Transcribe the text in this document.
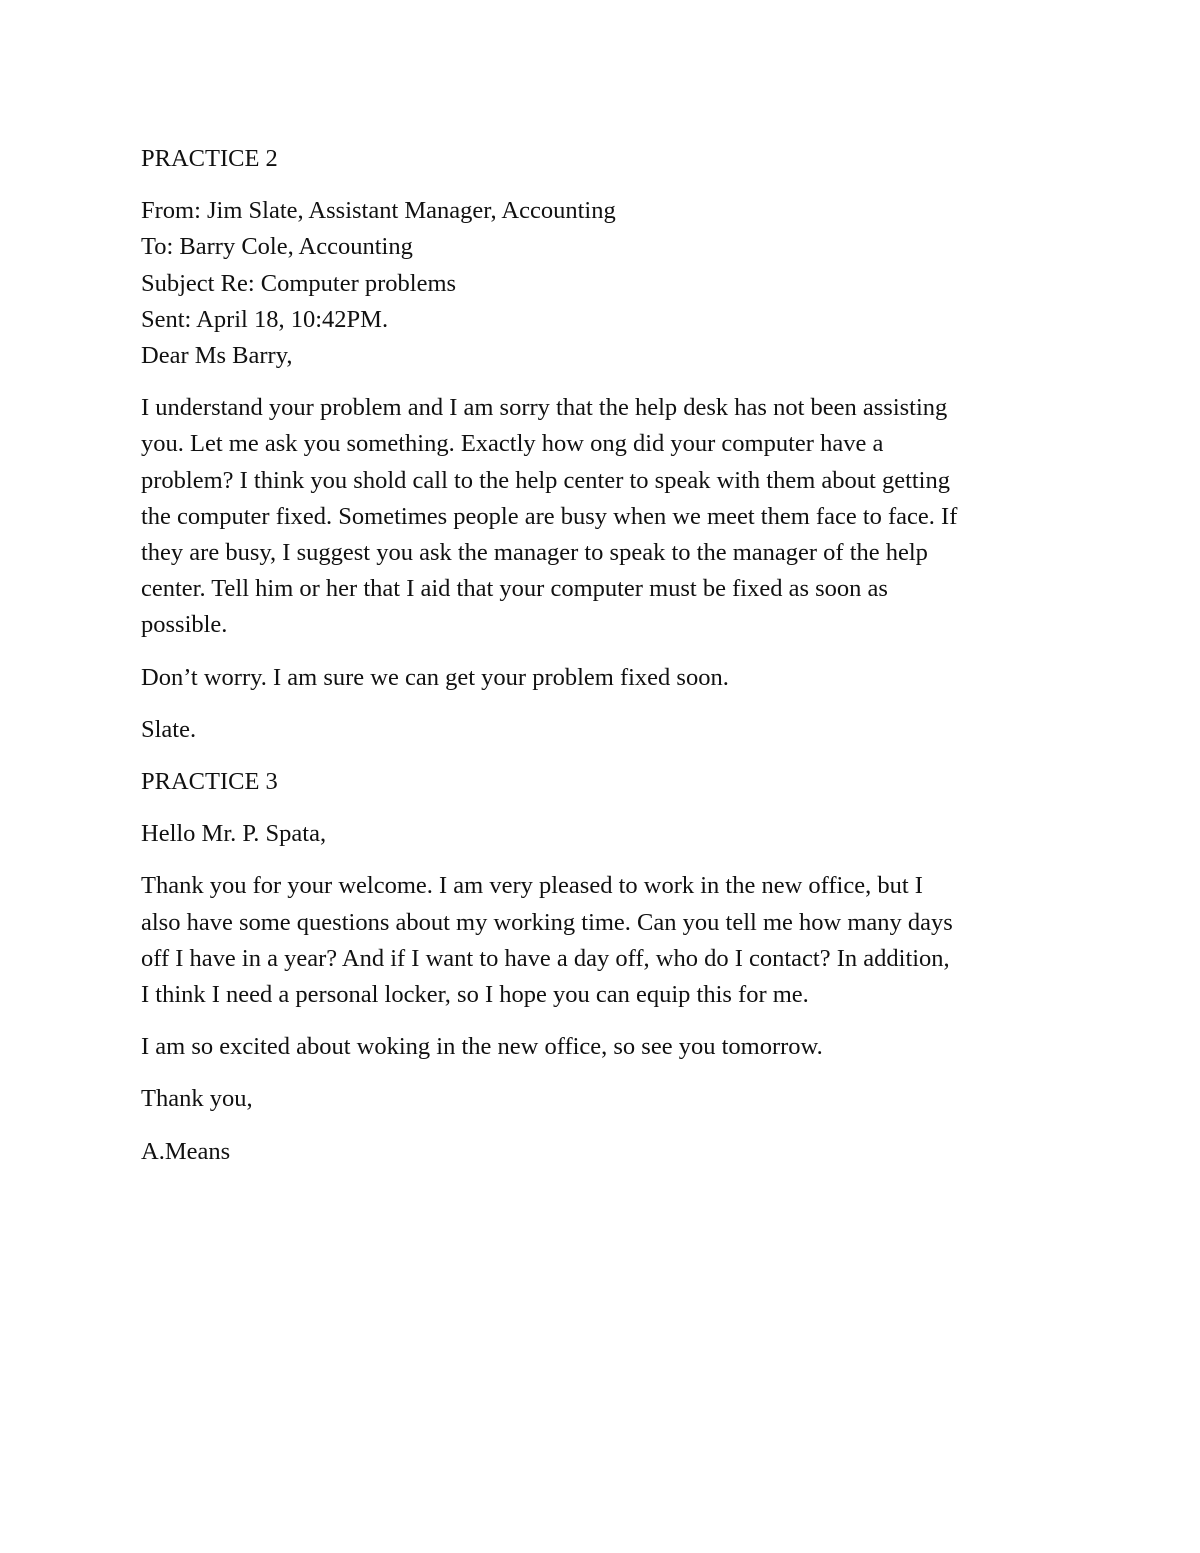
PRACTICE 2
From: Jim Slate, Assistant Manager, Accounting
To: Barry Cole, Accounting
Subject Re: Computer problems
Sent: April 18, 10:42PM.
Dear Ms Barry,
I understand your problem and I am sorry that the help desk has not been assisting
you. Let me ask you something. Exactly how ong did your computer have a
problem? I think you shold call to the help center to speak with them about getting
the computer fixed. Sometimes people are busy when we meet them face to face. If
they are busy, I suggest you ask the manager to speak to the manager of the help
center. Tell him or her that I aid that your computer must be fixed as soon as
possible.
Don’t worry. I am sure we can get your problem fixed soon.
Slate.
PRACTICE 3
Hello Mr. P. Spata,
Thank you for your welcome. I am very pleased to work in the new office, but I
also have some questions about my working time. Can you tell me how many days
off I have in a year? And if I want to have a day off, who do I contact? In addition,
I think I need a personal locker, so I hope you can equip this for me.
I am so excited about woking in the new office, so see you tomorrow.
Thank you,
A.Means
